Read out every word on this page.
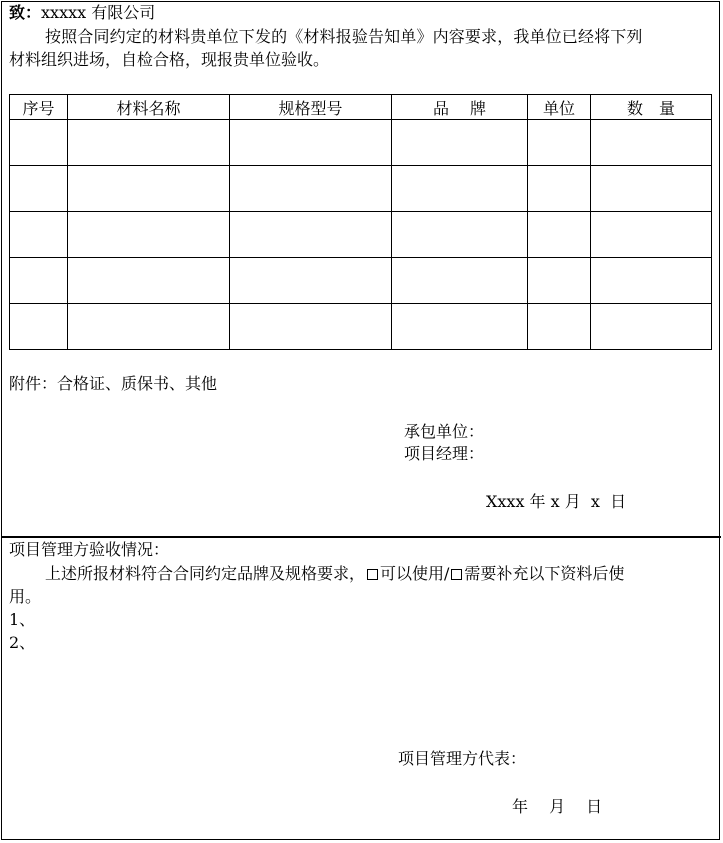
致：xxxxx 有限公司
按照合同约定的材料贵单位下发的《材料报验告知单》内容要求，我单位已经将下列
材料组织进场，自检合格，现报贵单位验收。
序号	材料名称	规格型号	品　 牌	单位	数　量

附件：合格证、质保书、其他
承包单位：
项目经理：
Xxxx 年 x 月  x  日
项目管理方验收情况：
上述所报材料符合合同约定品牌及规格要求， 可以使用/ 需要补充以下资料后使
用。
1、
2、
项目管理方代表：
年　 月　 日
